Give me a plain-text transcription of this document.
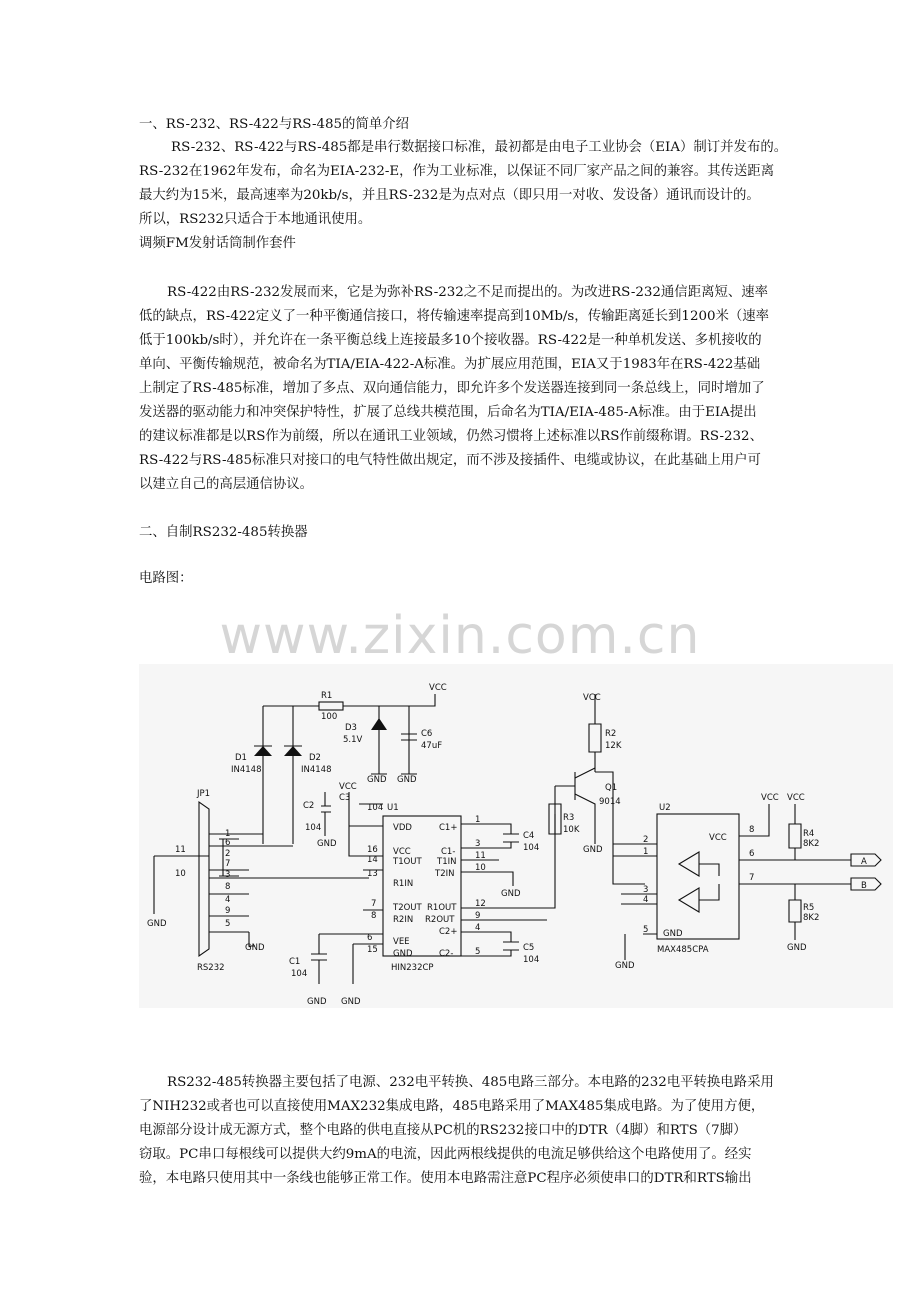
一、RS-232、RS-422与RS-485的简单介绍
RS-232、RS-422与RS-485都是串行数据接口标准，最初都是由电子工业协会（EIA）制订并发布的。
RS-232在1962年发布，命名为EIA-232-E，作为工业标准，以保证不同厂家产品之间的兼容。其传送距离
最大约为15米，最高速率为20kb/s，并且RS-232是为点对点（即只用一对收、发设备）通讯而设计的。
所以，RS232只适合于本地通讯使用。
调频FM发射话筒制作套件
RS-422由RS-232发展而来，它是为弥补RS-232之不足而提出的。为改进RS-232通信距离短、速率
低的缺点，RS-422定义了一种平衡通信接口，将传输速率提高到10Mb/s，传输距离延长到1200米（速率
低于100kb/s时），并允许在一条平衡总线上连接最多10个接收器。RS-422是一种单机发送、多机接收的
单向、平衡传输规范，被命名为TIA/EIA-422-A标准。为扩展应用范围，EIA又于1983年在RS-422基础
上制定了RS-485标准，增加了多点、双向通信能力，即允许多个发送器连接到同一条总线上，同时增加了
发送器的驱动能力和冲突保护特性，扩展了总线共模范围，后命名为TIA/EIA-485-A标准。由于EIA提出
的建议标准都是以RS作为前缀，所以在通讯工业领域，仍然习惯将上述标准以RS作前缀称谓。RS-232、
RS-422与RS-485标准只对接口的电气特性做出规定，而不涉及接插件、电缆或协议，在此基础上用户可
以建立自己的高层通信协议。
二、自制RS232-485转换器
电路图：
www.zixin.com.cn
R1
100
VCC
D3
5.1V
C6
47uF
D1
IN4148
D2
IN4148
GND GND
VCC
C3
104 U1
C2
104
GND
JP1
RS232
GND
GND
C1
104
GND GND
VDD
VCC
T1OUT
R1IN
T2OUT
R2IN
VEE
GND
C1+
C1-
T1IN
T2IN
R1OUT
R2OUT
C2+
C2-
HIN232CP
C4
104
GND
C5
104
VCC
R2
12K
Q1
9014
R3
10K
GND
U2
VCC
GND
MAX485CPA
GND
VCC VCC
R4
8K2
R5
8K2
GND
A
B
1
6
2
7
3
8
4
9
5
11
10
16
14
13
7
8
6
15
1
3
11
10
12
9
4
5
2
1
3
4
5
8
6
7
RS232-485转换器主要包括了电源、232电平转换、485电路三部分。本电路的232电平转换电路采用
了NIH232或者也可以直接使用MAX232集成电路，485电路采用了MAX485集成电路。为了使用方便，
电源部分设计成无源方式，整个电路的供电直接从PC机的RS232接口中的DTR（4脚）和RTS（7脚）
窃取。PC串口每根线可以提供大约9mA的电流，因此两根线提供的电流足够供给这个电路使用了。经实
验，本电路只使用其中一条线也能够正常工作。使用本电路需注意PC程序必须使串口的DTR和RTS输出
